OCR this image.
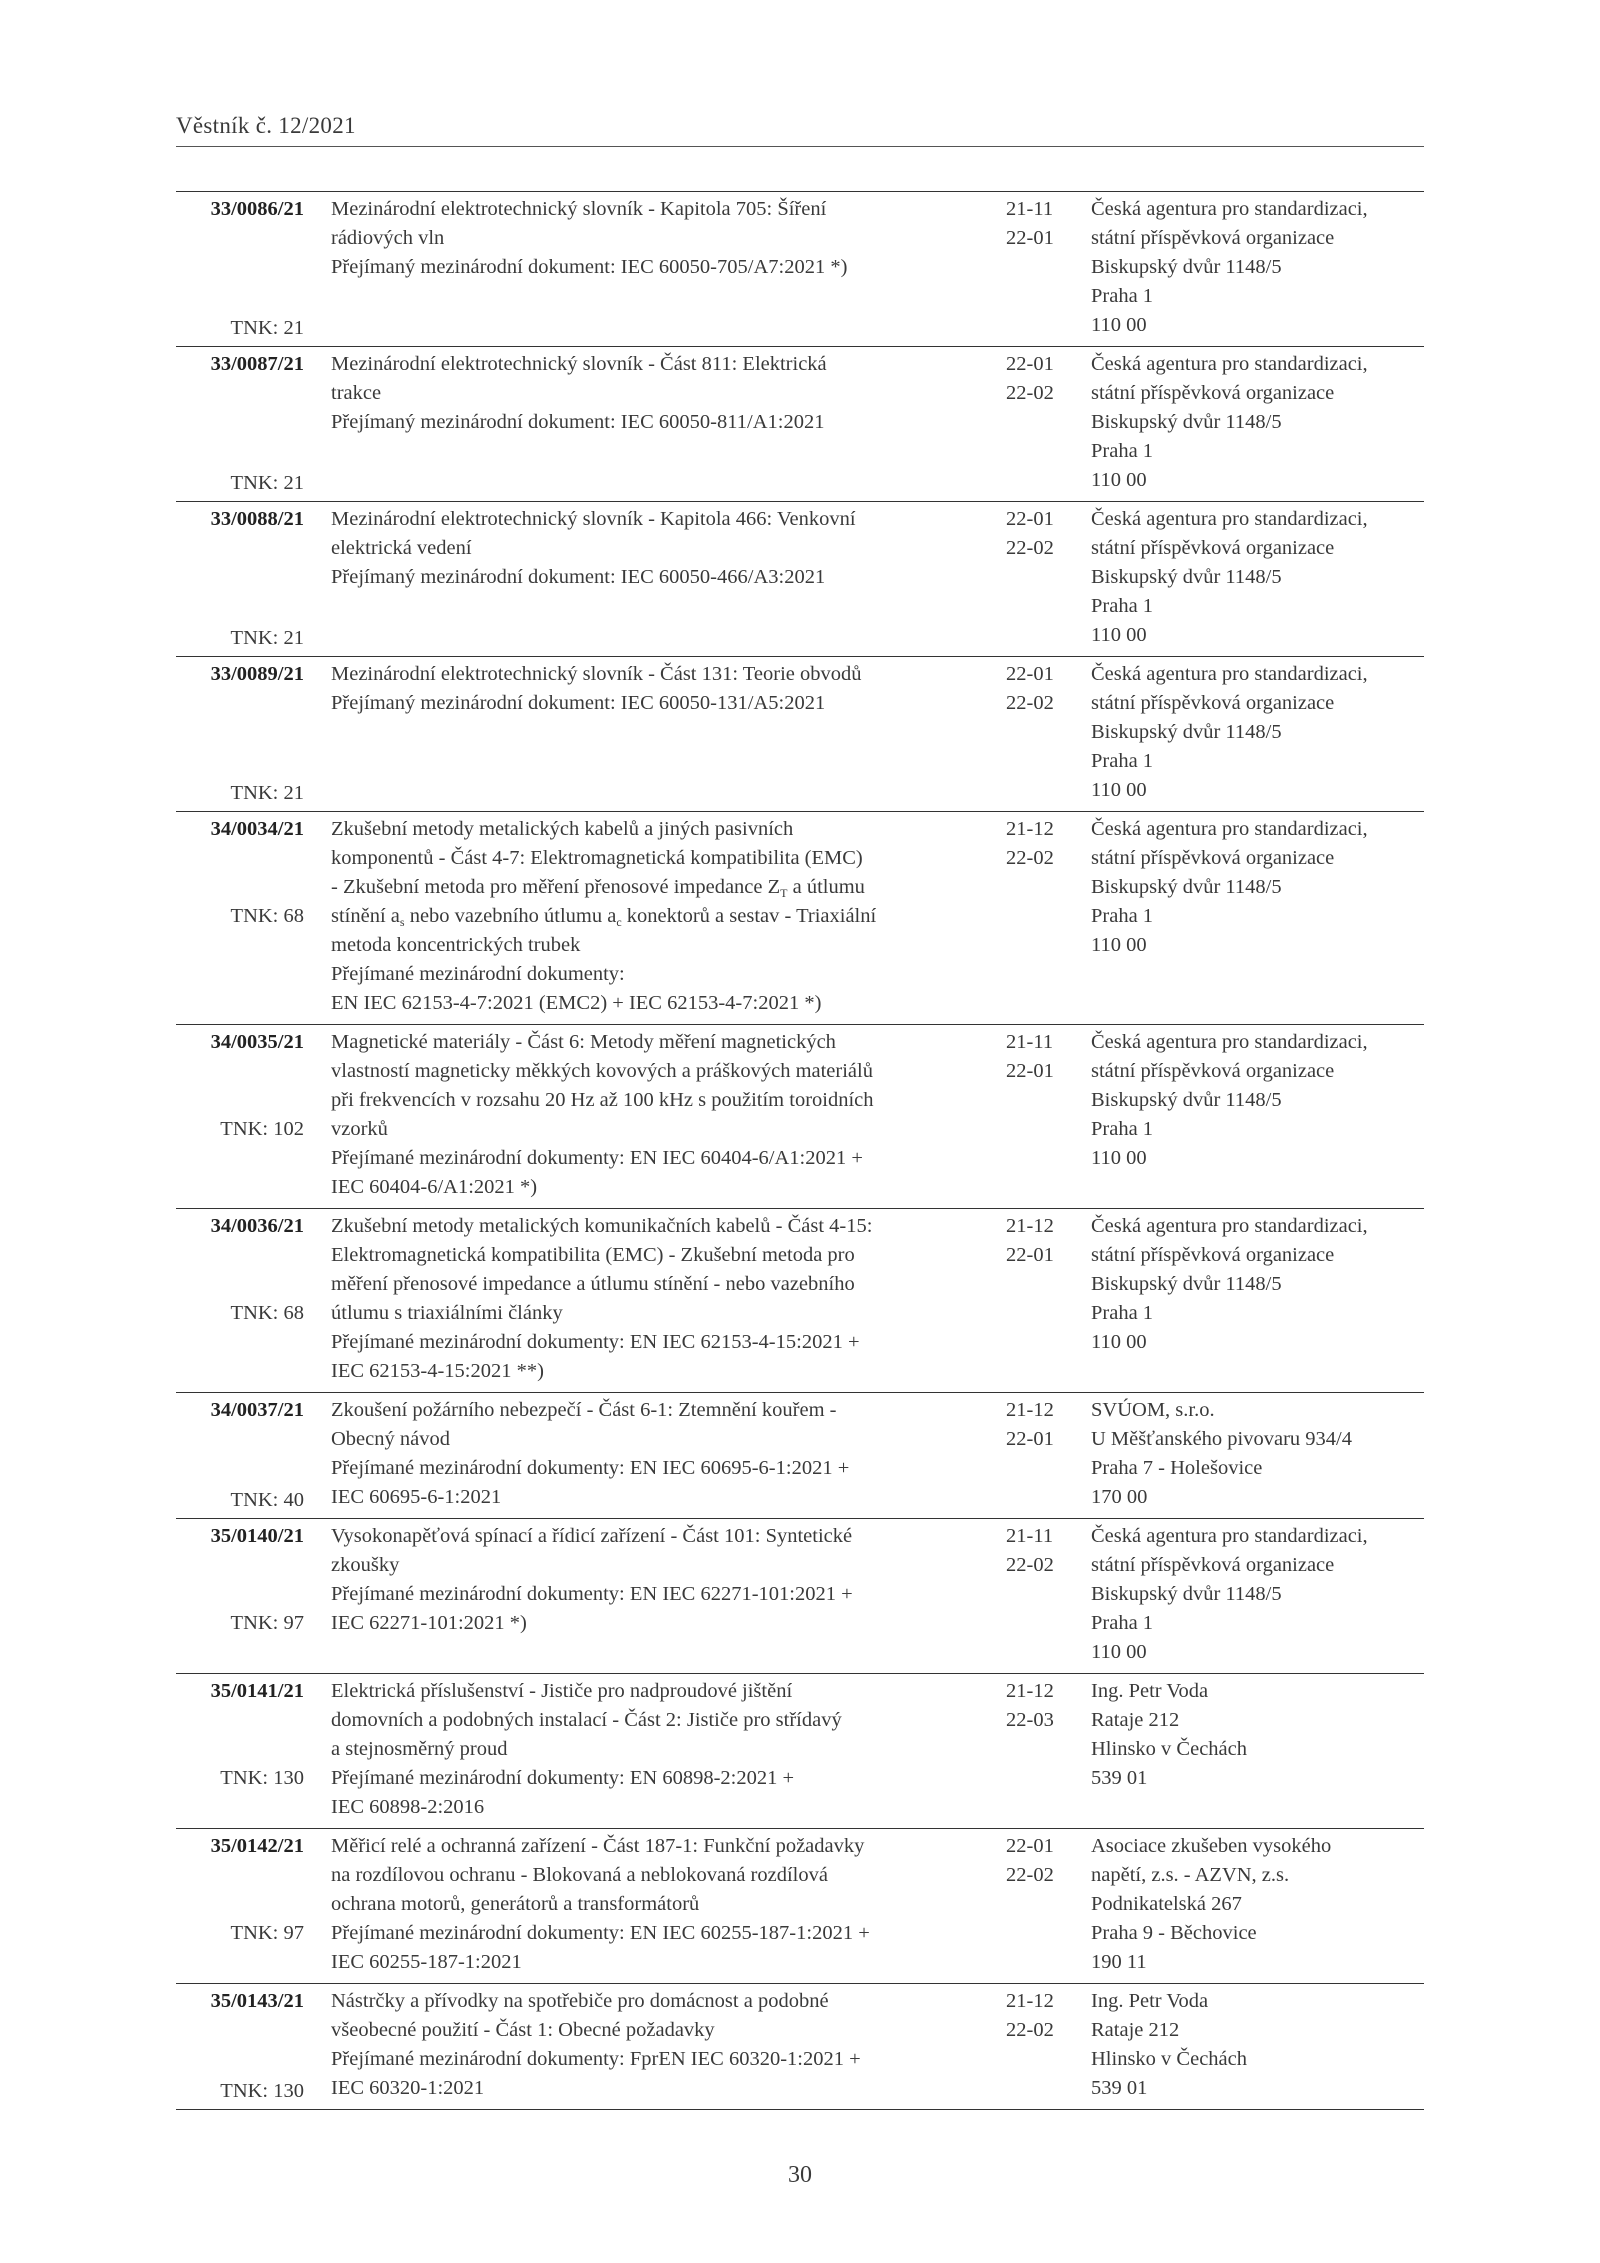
Věstník č. 12/2021
33/0086/21
TNK: 21
Mezinárodní elektrotechnický slovník - Kapitola 705: Šíření
rádiových vln
Přejímaný mezinárodní dokument: IEC 60050-705/A7:2021 *)
21-11
22-01
Česká agentura pro standardizaci,
státní příspěvková organizace
Biskupský dvůr 1148/5
Praha 1
110 00
33/0087/21
TNK: 21
Mezinárodní elektrotechnický slovník - Část 811: Elektrická
trakce
Přejímaný mezinárodní dokument: IEC 60050-811/A1:2021
22-01
22-02
Česká agentura pro standardizaci,
státní příspěvková organizace
Biskupský dvůr 1148/5
Praha 1
110 00
33/0088/21
TNK: 21
Mezinárodní elektrotechnický slovník - Kapitola 466: Venkovní
elektrická vedení
Přejímaný mezinárodní dokument: IEC 60050-466/A3:2021
22-01
22-02
Česká agentura pro standardizaci,
státní příspěvková organizace
Biskupský dvůr 1148/5
Praha 1
110 00
33/0089/21
TNK: 21
Mezinárodní elektrotechnický slovník - Část 131: Teorie obvodů
Přejímaný mezinárodní dokument: IEC 60050-131/A5:2021
22-01
22-02
Česká agentura pro standardizaci,
státní příspěvková organizace
Biskupský dvůr 1148/5
Praha 1
110 00
34/0034/21
TNK: 68
Zkušební metody metalických kabelů a jiných pasivních
komponentů - Část 4-7: Elektromagnetická kompatibilita (EMC)
- Zkušební metoda pro měření přenosové impedance $Z_T$ a útlumu
stínění $a_s$ nebo vazebního útlumu $a_c$ konektorů a sestav - Triaxiální
metoda koncentrických trubek
Přejímané mezinárodní dokumenty:
EN IEC 62153-4-7:2021 (EMC2) + IEC 62153-4-7:2021 *)
21-12
22-02
Česká agentura pro standardizaci,
státní příspěvková organizace
Biskupský dvůr 1148/5
Praha 1
110 00
34/0035/21
TNK: 102
Magnetické materiály - Část 6: Metody měření magnetických
vlastností magneticky měkkých kovových a práškových materiálů
při frekvencích v rozsahu 20 Hz až 100 kHz s použitím toroidních
vzorků
Přejímané mezinárodní dokumenty: EN IEC 60404-6/A1:2021 +
IEC 60404-6/A1:2021 *)
21-11
22-01
Česká agentura pro standardizaci,
státní příspěvková organizace
Biskupský dvůr 1148/5
Praha 1
110 00
34/0036/21
TNK: 68
Zkušební metody metalických komunikačních kabelů - Část 4-15:
Elektromagnetická kompatibilita (EMC) - Zkušební metoda pro
měření přenosové impedance a útlumu stínění - nebo vazebního
útlumu s triaxiálními články
Přejímané mezinárodní dokumenty: EN IEC 62153-4-15:2021 +
IEC 62153-4-15:2021 **)
21-12
22-01
Česká agentura pro standardizaci,
státní příspěvková organizace
Biskupský dvůr 1148/5
Praha 1
110 00
34/0037/21
TNK: 40
Zkoušení požárního nebezpečí - Část 6-1: Ztemnění kouřem -
Obecný návod
Přejímané mezinárodní dokumenty: EN IEC 60695-6-1:2021 +
IEC 60695-6-1:2021
21-12
22-01
SVÚOM, s.r.o.
U Měšťanského pivovaru 934/4
Praha 7 - Holešovice
170 00
35/0140/21
TNK: 97
Vysokonapěťová spínací a řídicí zařízení - Část 101: Syntetické
zkoušky
Přejímané mezinárodní dokumenty: EN IEC 62271-101:2021 +
IEC 62271-101:2021 *)
21-11
22-02
Česká agentura pro standardizaci,
státní příspěvková organizace
Biskupský dvůr 1148/5
Praha 1
110 00
35/0141/21
TNK: 130
Elektrická příslušenství - Jističe pro nadproudové jištění
domovních a podobných instalací - Část 2: Jističe pro střídavý
a stejnosměrný proud
Přejímané mezinárodní dokumenty: EN 60898-2:2021 +
IEC 60898-2:2016
21-12
22-03
Ing. Petr Voda
Rataje 212
Hlinsko v Čechách
539 01
35/0142/21
TNK: 97
Měřicí relé a ochranná zařízení - Část 187-1: Funkční požadavky
na rozdílovou ochranu - Blokovaná a neblokovaná rozdílová
ochrana motorů, generátorů a transformátorů
Přejímané mezinárodní dokumenty: EN IEC 60255-187-1:2021 +
IEC 60255-187-1:2021
22-01
22-02
Asociace zkušeben vysokého
napětí, z.s. - AZVN, z.s.
Podnikatelská 267
Praha 9 - Běchovice
190 11
35/0143/21
TNK: 130
Nástrčky a přívodky na spotřebiče pro domácnost a podobné
všeobecné použití - Část 1: Obecné požadavky
Přejímané mezinárodní dokumenty: FprEN IEC 60320-1:2021 +
IEC 60320-1:2021
21-12
22-02
Ing. Petr Voda
Rataje 212
Hlinsko v Čechách
539 01
30
